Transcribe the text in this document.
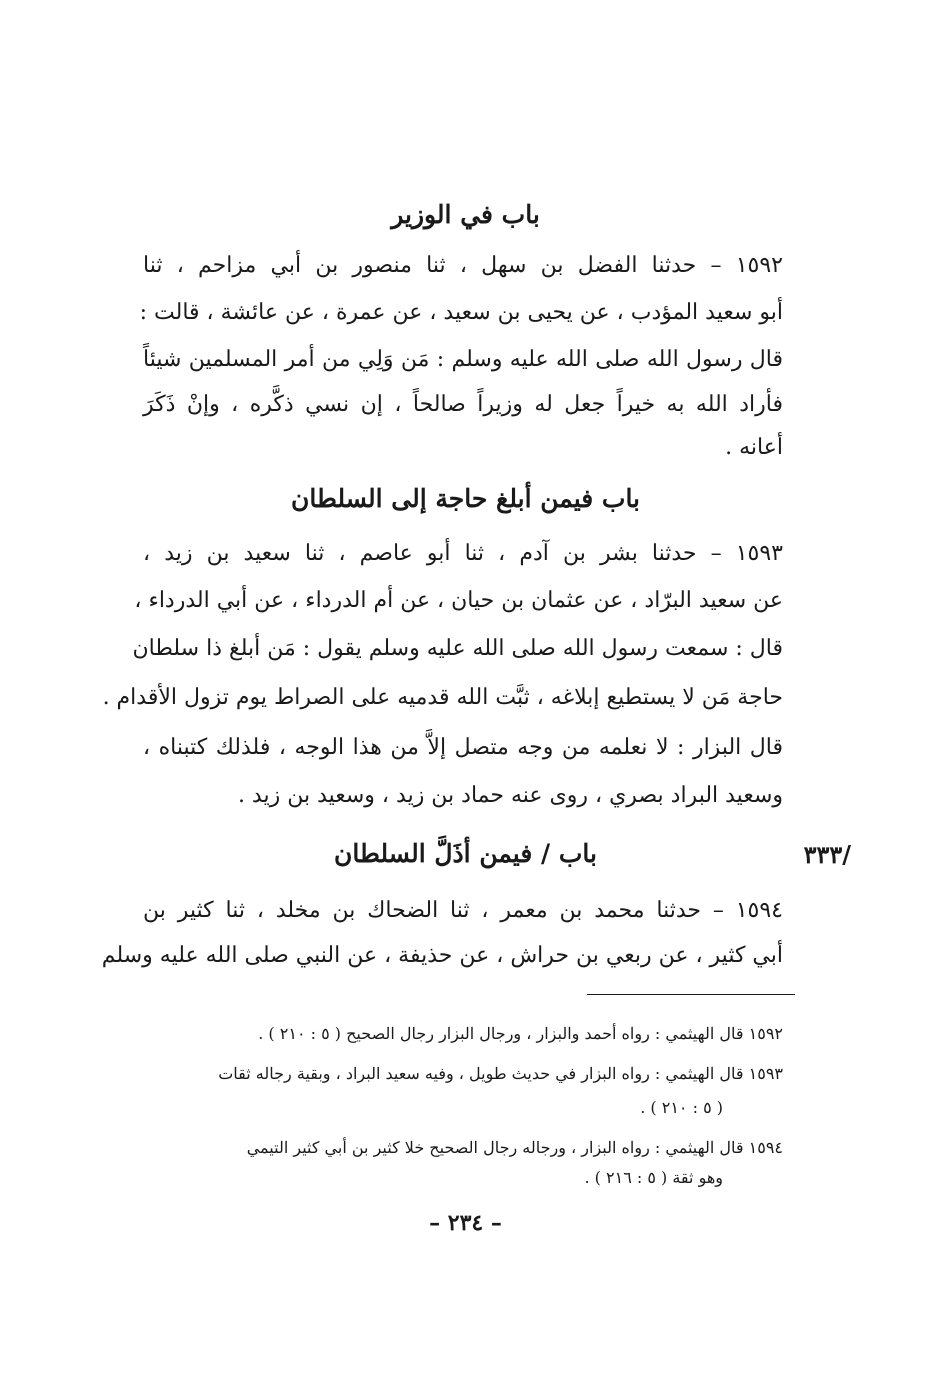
باب في الوزير
١٥٩٢ – حدثنا الفضل بن سهل ، ثنا منصور بن أبي مزاحم ، ثنا
أبو سعيد المؤدب ، عن يحيى بن سعيد ، عن عمرة ، عن عائشة ، قالت :
قال رسول الله صلى الله عليه وسلم : مَن وَلِي من أمر المسلمين شيئاً
فأراد الله به خيراً جعل له وزيراً صالحاً ، إن نسي ذكَّره ، وإنْ ذَكَرَ
أعانه .
باب فيمن أبلغ حاجة إلى السلطان
١٥٩٣ – حدثنا بشر بن آدم ، ثنا أبو عاصم ، ثنا سعيد بن زيد ،
عن سعيد البرّاد ، عن عثمان بن حيان ، عن أم الدرداء ، عن أبي الدرداء ،
قال : سمعت رسول الله صلى الله عليه وسلم يقول : مَن أبلغ ذا سلطان
حاجة مَن لا يستطيع إبلاغه ، ثبَّت الله قدميه على الصراط يوم تزول الأقدام .
قال البزار : لا نعلمه من وجه متصل إلاَّ من هذا الوجه ، فلذلك كتبناه ،
وسعيد البراد بصري ، روى عنه حماد بن زيد ، وسعيد بن زيد .
/٣٣٣
باب / فيمن أذَلَّ السلطان
١٥٩٤ – حدثنا محمد بن معمر ، ثنا الضحاك بن مخلد ، ثنا كثير بن
أبي كثير ، عن ربعي بن حراش ، عن حذيفة ، عن النبي صلى الله عليه وسلم
١٥٩٢ قال الهيثمي : رواه أحمد والبزار ، ورجال البزار رجال الصحيح ( ٥ : ٢١٠ ) .
١٥٩٣ قال الهيثمي : رواه البزار في حديث طويل ، وفيه سعيد البراد ، وبقية رجاله ثقات
( ٥ : ٢١٠ ) .
١٥٩٤ قال الهيثمي : رواه البزار ، ورجاله رجال الصحيح خلا كثير بن أبي كثير التيمي
وهو ثقة ( ٥ : ٢١٦ ) .
– ٢٣٤ –
